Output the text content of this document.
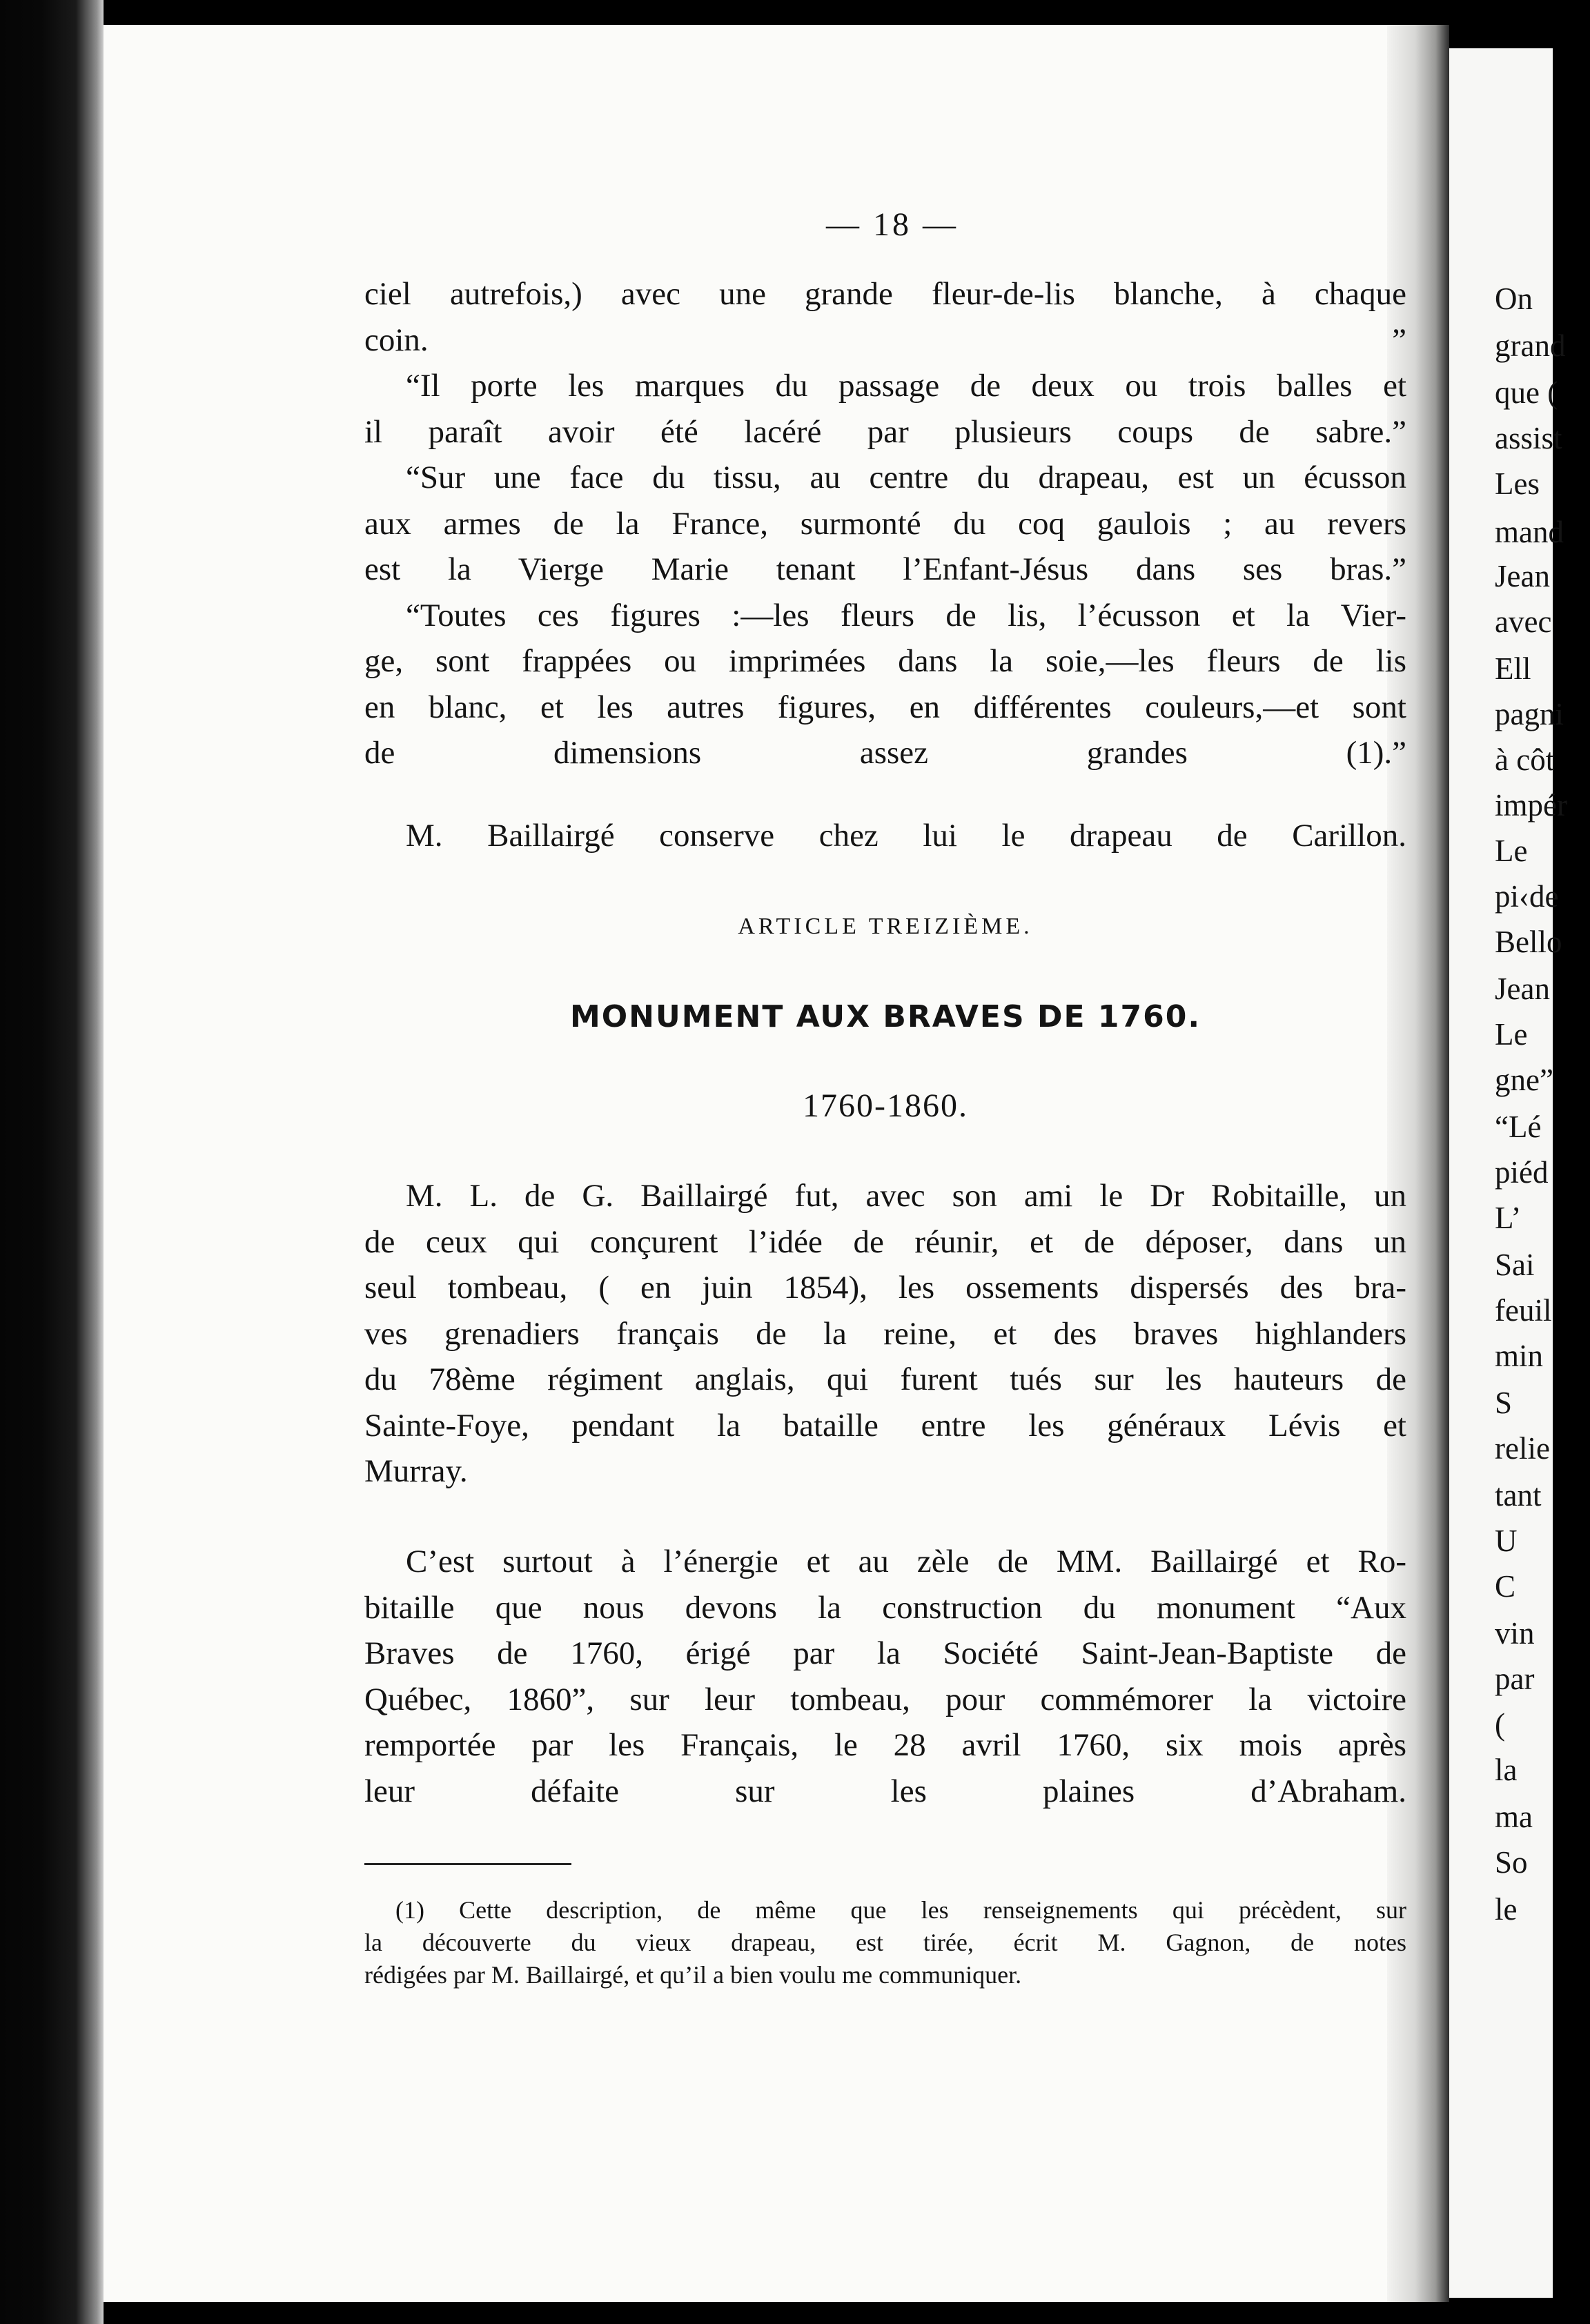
— 18 —

ciel autrefois,) avec une grande fleur-de-lis blanche, à chaque
coin. ”

“Il porte les marques du passage de deux ou trois balles et
il paraît avoir été lacéré par plusieurs coups de sabre.”

“Sur une face du tissu, au centre du drapeau, est un écusson
aux armes de la France, surmonté du coq gaulois ; au revers
est la Vierge Marie tenant l’Enfant-Jésus dans ses bras.”

“Toutes ces figures :—les fleurs de lis, l’écusson et la Vier-
ge, sont frappées ou imprimées dans la soie,—les fleurs de lis
en blanc, et les autres figures, en différentes couleurs,—et sont
de dimensions assez grandes (1).”

M. Baillairgé conserve chez lui le drapeau de Carillon.

ARTICLE TREIZIÈME.
MONUMENT AUX BRAVES DE 1760.
1760-1860.

M. L. de G. Baillairgé fut, avec son ami le Dr Robitaille, un
de ceux qui conçurent l’idée de réunir, et de déposer, dans un
seul tombeau, ( en juin 1854), les ossements dispersés des bra-
ves grenadiers français de la reine, et des braves highlanders
du 78ème régiment anglais, qui furent tués sur les hauteurs de
Sainte-Foye, pendant la bataille entre les généraux Lévis et
Murray.

C’est surtout à l’énergie et au zèle de MM. Baillairgé et Ro-
bitaille que nous devons la construction du monument “Aux
Braves de 1760, érigé par la Société Saint-Jean-Baptiste de
Québec, 1860”, sur leur tombeau, pour commémorer la victoire
remportée par les Français, le 28 avril 1760, six mois après
leur défaite sur les plaines d’Abraham.

(1) Cette description, de même que les renseignements qui précèdent, sur
la découverte du vieux drapeau, est tirée, écrit M. Gagnon, de notes
rédigées par M. Baillairgé, et qu’il a bien voulu me communiquer.
On
grand
que (
assist
Les
mand
Jean
avec
Ell
pagni
à côt
impér
Le
pi‹de
Bello
Jean
Le
gne”
“Lé
piéd
L’
Sai
feuil
min
S
relie
tant
U
C
vin
par
(
la
ma
So
le
